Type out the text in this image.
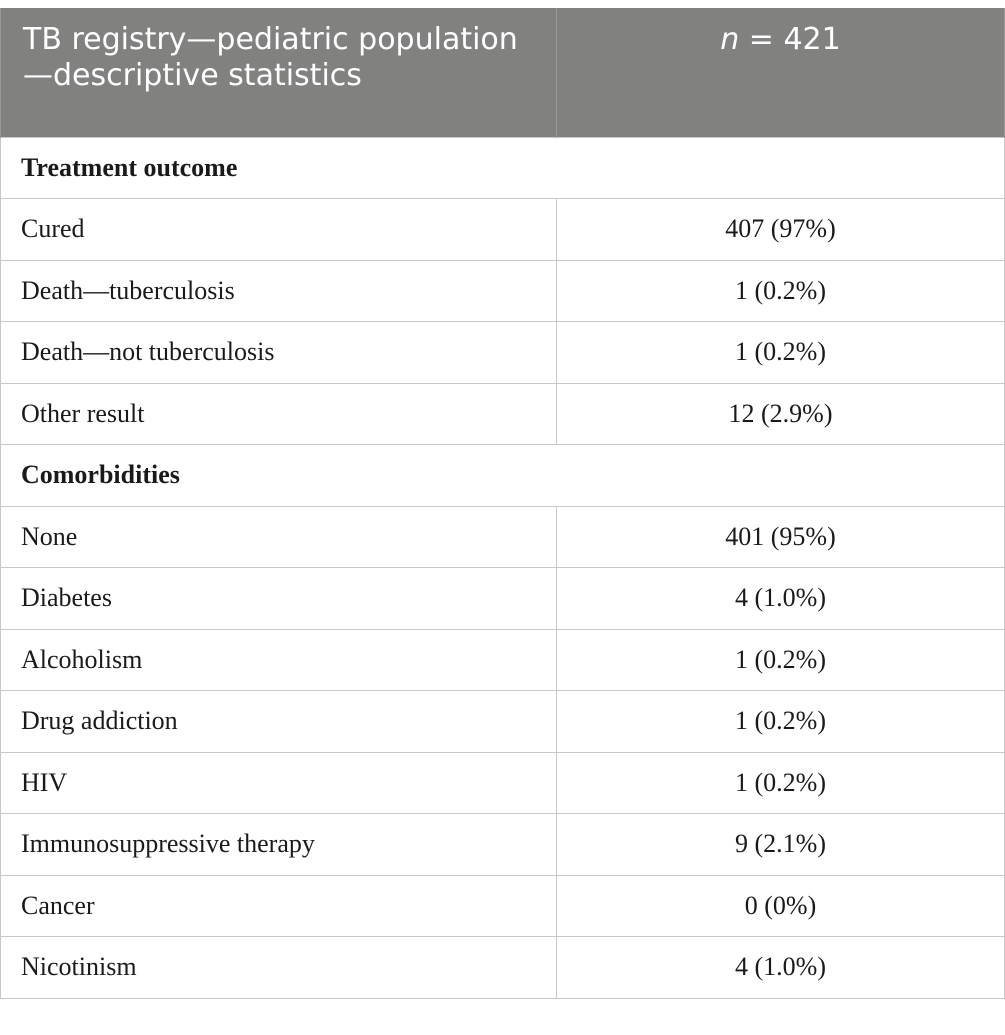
TB registry—pediatric population—descriptive statistics	n = 421
Treatment outcome	
Cured	407 (97%)
Death—tuberculosis	1 (0.2%)
Death—not tuberculosis	1 (0.2%)
Other result	12 (2.9%)
Comorbidities	
None	401 (95%)
Diabetes	4 (1.0%)
Alcoholism	1 (0.2%)
Drug addiction	1 (0.2%)
HIV	1 (0.2%)
Immunosuppressive therapy	9 (2.1%)
Cancer	0 (0%)
Nicotinism	4 (1.0%)
